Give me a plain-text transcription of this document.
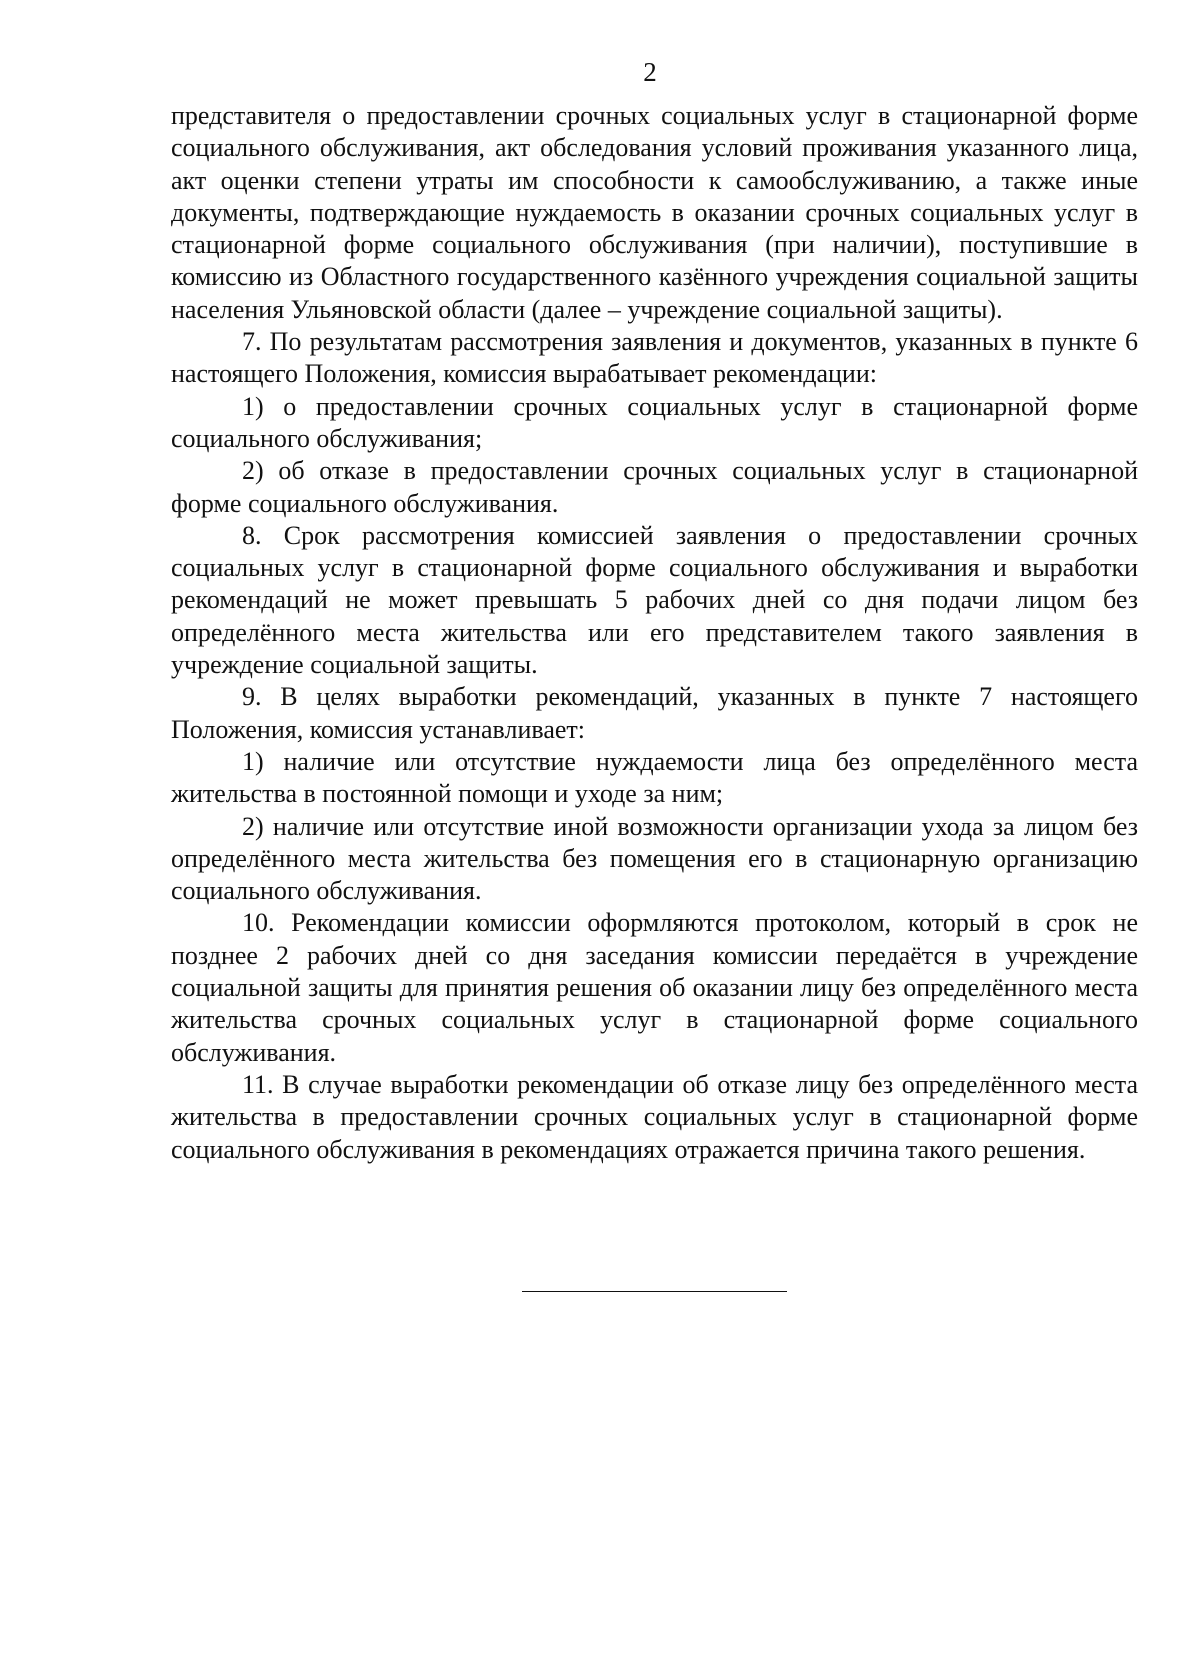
2

представителя о предоставлении срочных социальных услуг в стационарной форме социального обслуживания, акт обследования условий проживания указанного лица, акт оценки степени утраты им способности к самообслуживанию, а также иные документы, подтверждающие нуждаемость в оказании срочных социальных услуг в стационарной форме социального обслуживания (при наличии), поступившие в комиссию из Областного государственного казённого учреждения социальной защиты населения Ульяновской области (далее – учреждение социальной защиты).

7. По результатам рассмотрения заявления и документов, указанных в пункте 6 настоящего Положения, комиссия вырабатывает рекомендации:

1) о предоставлении срочных социальных услуг в стационарной форме социального обслуживания;

2) об отказе в предоставлении срочных социальных услуг в стационарной форме социального обслуживания.

8. Срок рассмотрения комиссией заявления о предоставлении срочных социальных услуг в стационарной форме социального обслуживания и выработки рекомендаций не может превышать 5 рабочих дней со дня подачи лицом без определённого места жительства или его представителем такого заявления в учреждение социальной защиты.

9. В целях выработки рекомендаций, указанных в пункте 7 настоящего Положения, комиссия устанавливает:

1) наличие или отсутствие нуждаемости лица без определённого места жительства в постоянной помощи и уходе за ним;

2) наличие или отсутствие иной возможности организации ухода за лицом без определённого места жительства без помещения его в стационарную организацию социального обслуживания.

10. Рекомендации комиссии оформляются протоколом, который в срок не позднее 2 рабочих дней со дня заседания комиссии передаётся в учреждение социальной защиты для принятия решения об оказании лицу без определённого места жительства срочных социальных услуг в стационарной форме социального обслуживания.

11. В случае выработки рекомендации об отказе лицу без определённого места жительства в предоставлении срочных социальных услуг в стационарной форме социального обслуживания в рекомендациях отражается причина такого решения.
